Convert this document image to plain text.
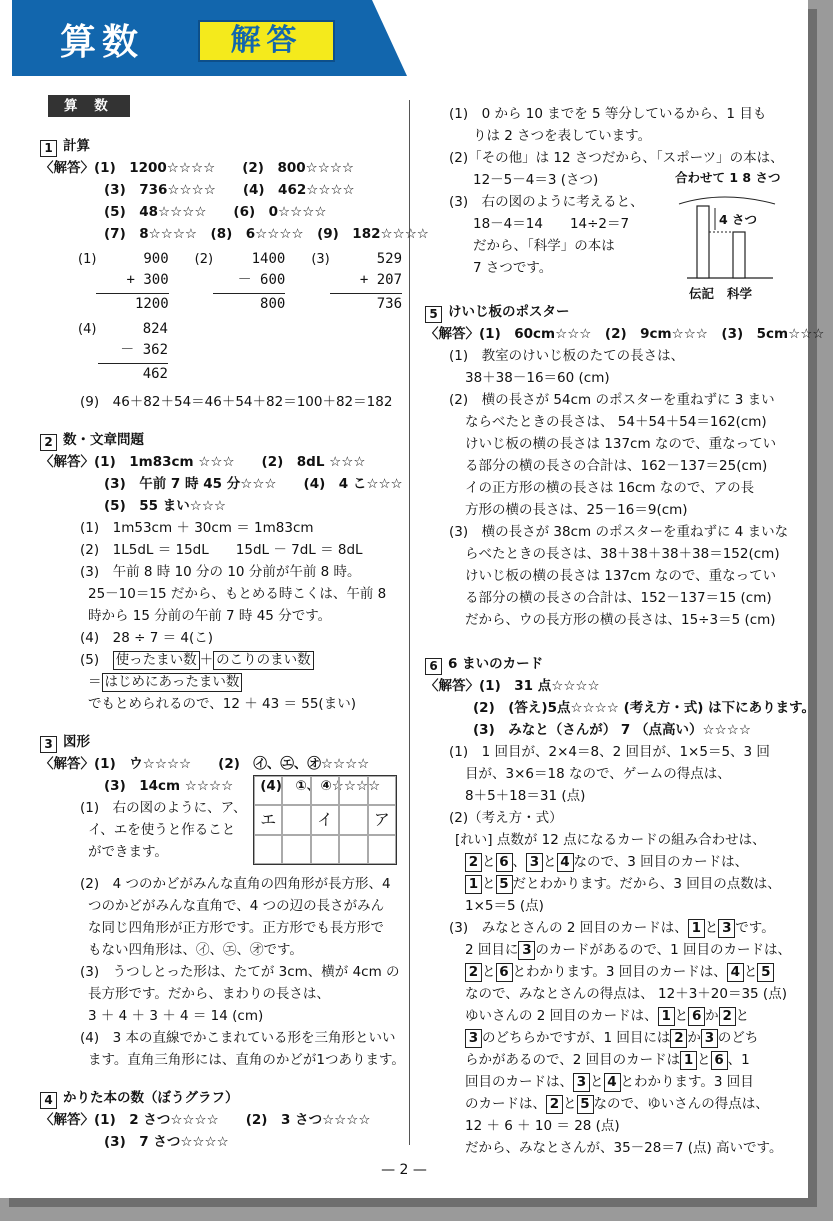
算数	解答
算 数
1 計算
〈解答〉(1)　1200☆☆☆☆　　(2)　800☆☆☆☆
(3)　736☆☆☆☆　　(4)　462☆☆☆☆
(5)　48☆☆☆☆　　(6)　0☆☆☆☆
(7)　8☆☆☆☆　(8)　6☆☆☆☆　(9)　182☆☆☆☆
(1)	900
+ 300
1200
(2)	1400
－ 600
800
(3)	529
+ 207
736
(4)	824
－ 362
462
(9)　46＋82＋54＝46＋54＋82＝100＋82＝182
2 数・文章問題
〈解答〉(1)　1m83cm ☆☆☆　　(2)　8dL ☆☆☆
(3)　午前 7 時 45 分☆☆☆　　(4)　4 こ☆☆☆
(5)　55 まい☆☆☆
(1)　1m53cm ＋ 30cm ＝ 1m83cm
(2)　1L5dL ＝ 15dL　　15dL － 7dL ＝ 8dL
(3)　午前 8 時 10 分の 10 分前が午前 8 時。
25－10＝15 だから、もとめる時こくは、午前 8
時から 15 分前の午前 7 時 45 分です。
(4)　28 ÷ 7 ＝ 4(こ)
(5)　使ったまい数 ＋ のこりのまい数
＝ はじめにあったまい数
でもとめられるので、12 ＋ 43 ＝ 55(まい)
3 図形
〈解答〉(1)　ウ☆☆☆☆　　(2)　㋑、㋓、㋔☆☆☆☆
(3)　14cm ☆☆☆☆　　(4)　①、④☆☆☆☆
(1)　右の図のように、ア、
イ、エを使うと作ること
ができます。
(2)　4 つのかどがみんな直角の四角形が長方形、4
つのかどがみんな直角で、4 つの辺の長さがみん
な同じ四角形が正方形です。正方形でも長方形で
もない四角形は、㋑、㋓、㋔です。
(3)　うつしとった形は、たてが 3cm、横が 4cm の
長方形です。だから、まわりの長さは、
3 ＋ 4 ＋ 3 ＋ 4 ＝ 14 (cm)
(4)　3 本の直線でかこまれている形を三角形といい
ます。直角三角形には、直角のかどが1つあります。
4 かりた本の数（ぼうグラフ）
〈解答〉(1)　2 さつ☆☆☆☆　　(2)　3 さつ☆☆☆☆
(3)　7 さつ☆☆☆☆
エ	イ	ア
(1)　0 から 10 までを 5 等分しているから、1 目も
りは 2 さつを表しています。
(2)「その他」は 12 さつだから、「スポーツ」の本は、
12－5－4＝3 (さつ)
(3)　右の図のように考えると、
18－4＝14　　14÷2＝7
だから、「科学」の本は
7 さつです。
5 けいじ板のポスター
〈解答〉(1)　60cm☆☆☆　(2)　9cm☆☆☆　(3)　5cm☆☆☆
(1)　教室のけいじ板のたての長さは、
38＋38－16＝60 (cm)
(2)　横の長さが 54cm のポスターを重ねずに 3 まい
ならべたときの長さは、 54＋54＋54＝162(cm)
けいじ板の横の長さは 137cm なので、重なってい
る部分の横の長さの合計は、162－137＝25(cm)
イの正方形の横の長さは 16cm なので、アの長
方形の横の長さは、25－16＝9(cm)
(3)　横の長さが 38cm のポスターを重ねずに 4 まいな
らべたときの長さは、38＋38＋38＋38＝152(cm)
けいじ板の横の長さは 137cm なので、重なってい
る部分の横の長さの合計は、152－137＝15 (cm)
だから、ウの長方形の横の長さは、15÷3＝5 (cm)
6 6 まいのカード
〈解答〉(1)　31 点☆☆☆☆
(2)　(答え)5点☆☆☆☆ (考え方・式) は下にあります。
(3)　みなと（さんが） 7 （点高い）☆☆☆☆
(1)　1 回目が、2×4＝8、2 回目が、1×5＝5、3 回
目が、3×6＝18 なので、ゲームの得点は、
8＋5＋18＝31 (点)
(2)（考え方・式）
[れい] 点数が 12 点になるカードの組み合わせは、
2 と 6 、 3 と 4 なので、3 回目のカードは、
1 と 5 だとわかります。だから、3 回目の点数は、
1×5＝5 (点)
(3)　みなとさんの 2 回目のカードは、 1 と 3 です。
2 回目に 3 のカードがあるので、1 回目のカードは、
2 と 6 とわかります。3 回目のカードは、 4 と 5
なので、みなとさんの得点は、 12＋3＋20＝35 (点)
ゆいさんの 2 回目のカードは、 1 と 6 か 2 と
3 のどちらかですが、1 回目には 2 か 3 のどち
らかがあるので、2 回目のカードは 1 と 6 、1
回目のカードは、 3 と 4 とわかります。3 回目
のカードは、 2 と 5 なので、ゆいさんの得点は、
12 ＋ 6 ＋ 10 ＝ 28 (点)
だから、みなとさんが、35－28＝7 (点) 高いです。
合わせて 1 8 さつ
4 さつ
伝記 科学
— 2 —
